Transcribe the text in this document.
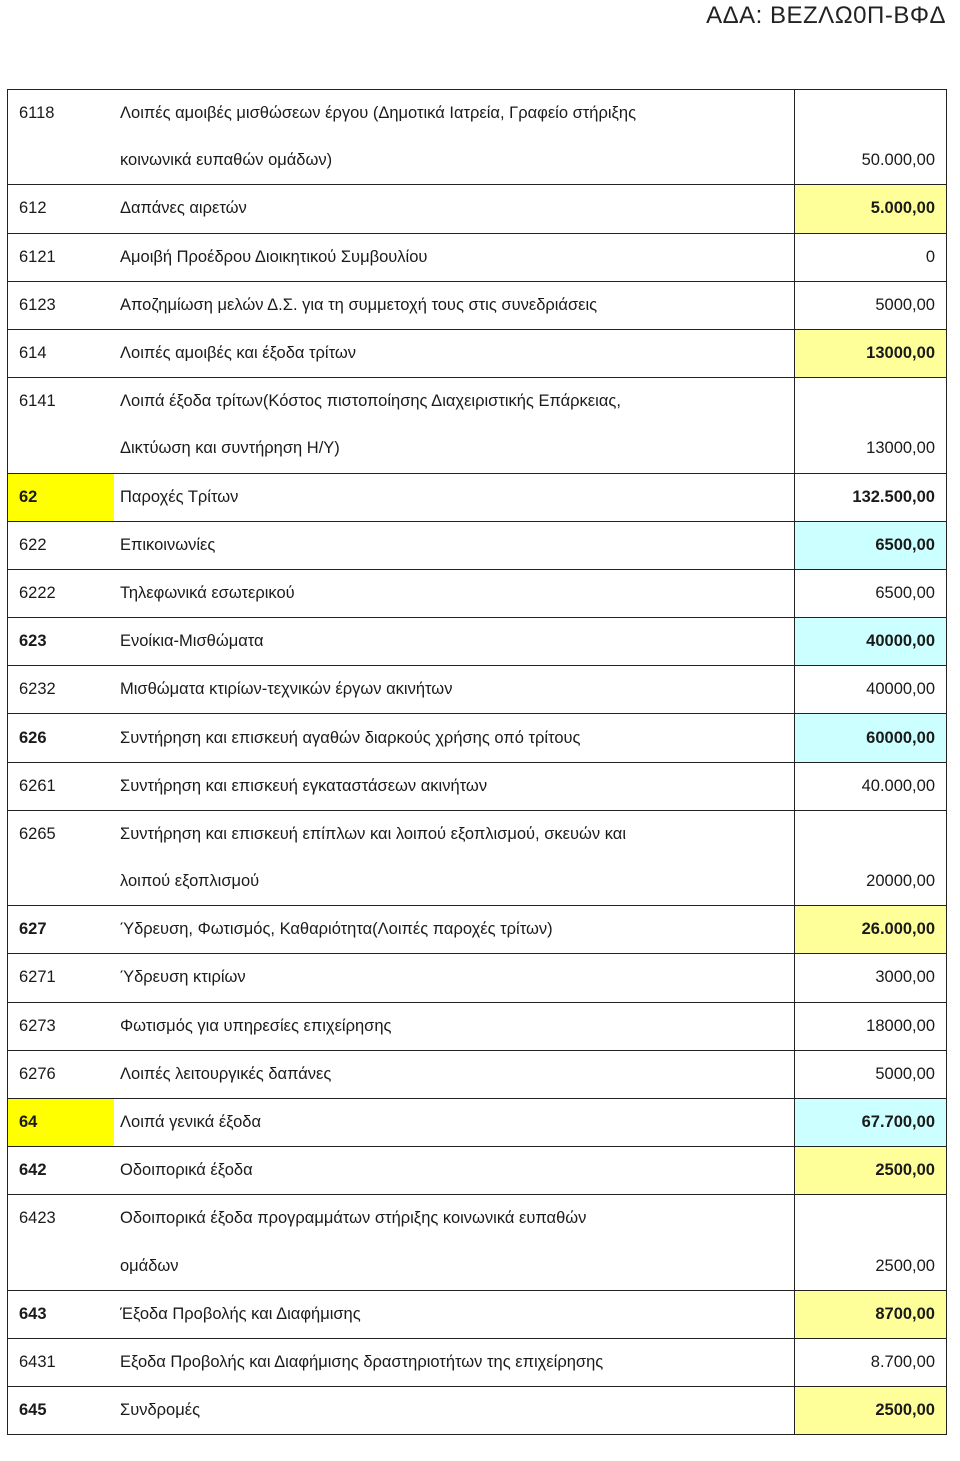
ΑΔΑ: ΒΕΖΛΩ0Π-ΒΦΔ
6118	Λοιπές αμοιβές μισθώσεων έργου (Δημοτικά Ιατρεία, Γραφείο στήριξης	
	κοινωνικά ευπαθών ομάδων)	50.000,00
612	Δαπάνες αιρετών	5.000,00
6121	Αμοιβή Προέδρου Διοικητικού Συμβουλίου	0
6123	Αποζημίωση μελών Δ.Σ. για τη συμμετοχή τους στις συνεδριάσεις	5000,00
614	Λοιπές αμοιβές και έξοδα τρίτων	13000,00
6141	Λοιπά έξοδα τρίτων(Κόστος πιστοποίησης Διαχειριστικής Επάρκειας,	
	Δικτύωση και συντήρηση Η/Υ)	13000,00
62	Παροχές Τρίτων	132.500,00
622	Επικοινωνίες	6500,00
6222	Τηλεφωνικά εσωτερικού	6500,00
623	Ενοίκια-Μισθώματα	40000,00
6232	Μισθώματα κτιρίων-τεχνικών έργων ακινήτων	40000,00
626	Συντήρηση και επισκευή αγαθών διαρκούς χρήσης οπό τρίτους	60000,00
6261	Συντήρηση και επισκευή εγκαταστάσεων ακινήτων	40.000,00
6265	Συντήρηση και επισκευή επίπλων και λοιπού εξοπλισμού, σκευών και	
	λοιπού εξοπλισμού	20000,00
627	Ύδρευση, Φωτισμός, Καθαριότητα(Λοιπές παροχές τρίτων)	26.000,00
6271	Ύδρευση κτιρίων	3000,00
6273	Φωτισμός για υπηρεσίες επιχείρησης	18000,00
6276	Λοιπές λειτουργικές δαπάνες	5000,00
64	Λοιπά γενικά έξοδα	67.700,00
642	Οδοιπορικά έξοδα	2500,00
6423	Οδοιπορικά έξοδα προγραμμάτων στήριξης κοινωνικά ευπαθών	
	ομάδων	2500,00
643	Έξοδα Προβολής και Διαφήμισης	8700,00
6431	Εξοδα Προβολής και Διαφήμισης δραστηριοτήτων της επιχείρησης	8.700,00
645	Συνδρομές	2500,00
